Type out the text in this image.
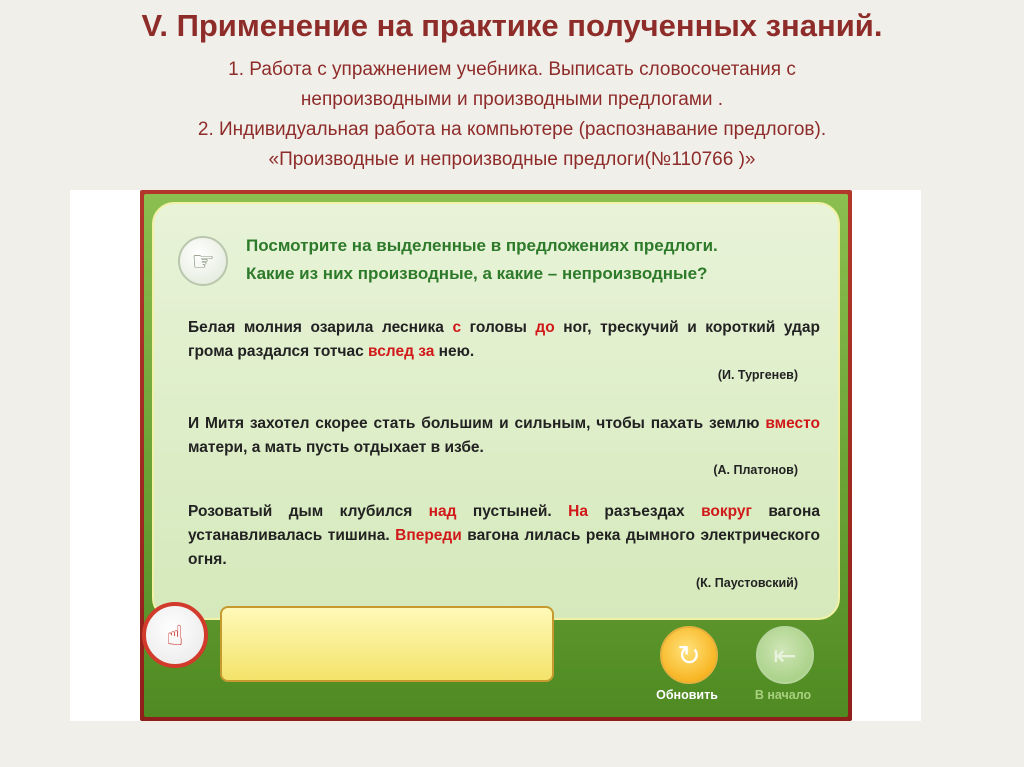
V. Применение на практике полученных знаний.
1. Работа с упражнением учебника. Выписать словосочетания с
непроизводными и производными предлогами .
2. Индивидуальная работа на компьютере (распознавание предлогов).
«Производные и непроизводные предлоги(№110766 )»
☞	Посмотрите на выделенные в предложениях предлоги.
Какие из них производные, а какие – непроизводные?
Белая молния озарила лесника с головы до ног, трескучий и короткий удар грома раздался тотчас вслед за нею.
(И. Тургенев)
И Митя захотел скорее стать большим и сильным, чтобы пахать землю вместо матери, а мать пусть отдыхает в избе.
(А. Платонов)
Розоватый дым клубился над пустыней. На разъездах вокруг вагона устанавливалась тишина. Впереди вагона лилась река дымного электрического огня.
(К. Паустовский)
☝
↻
Обновить
⇤
В начало
